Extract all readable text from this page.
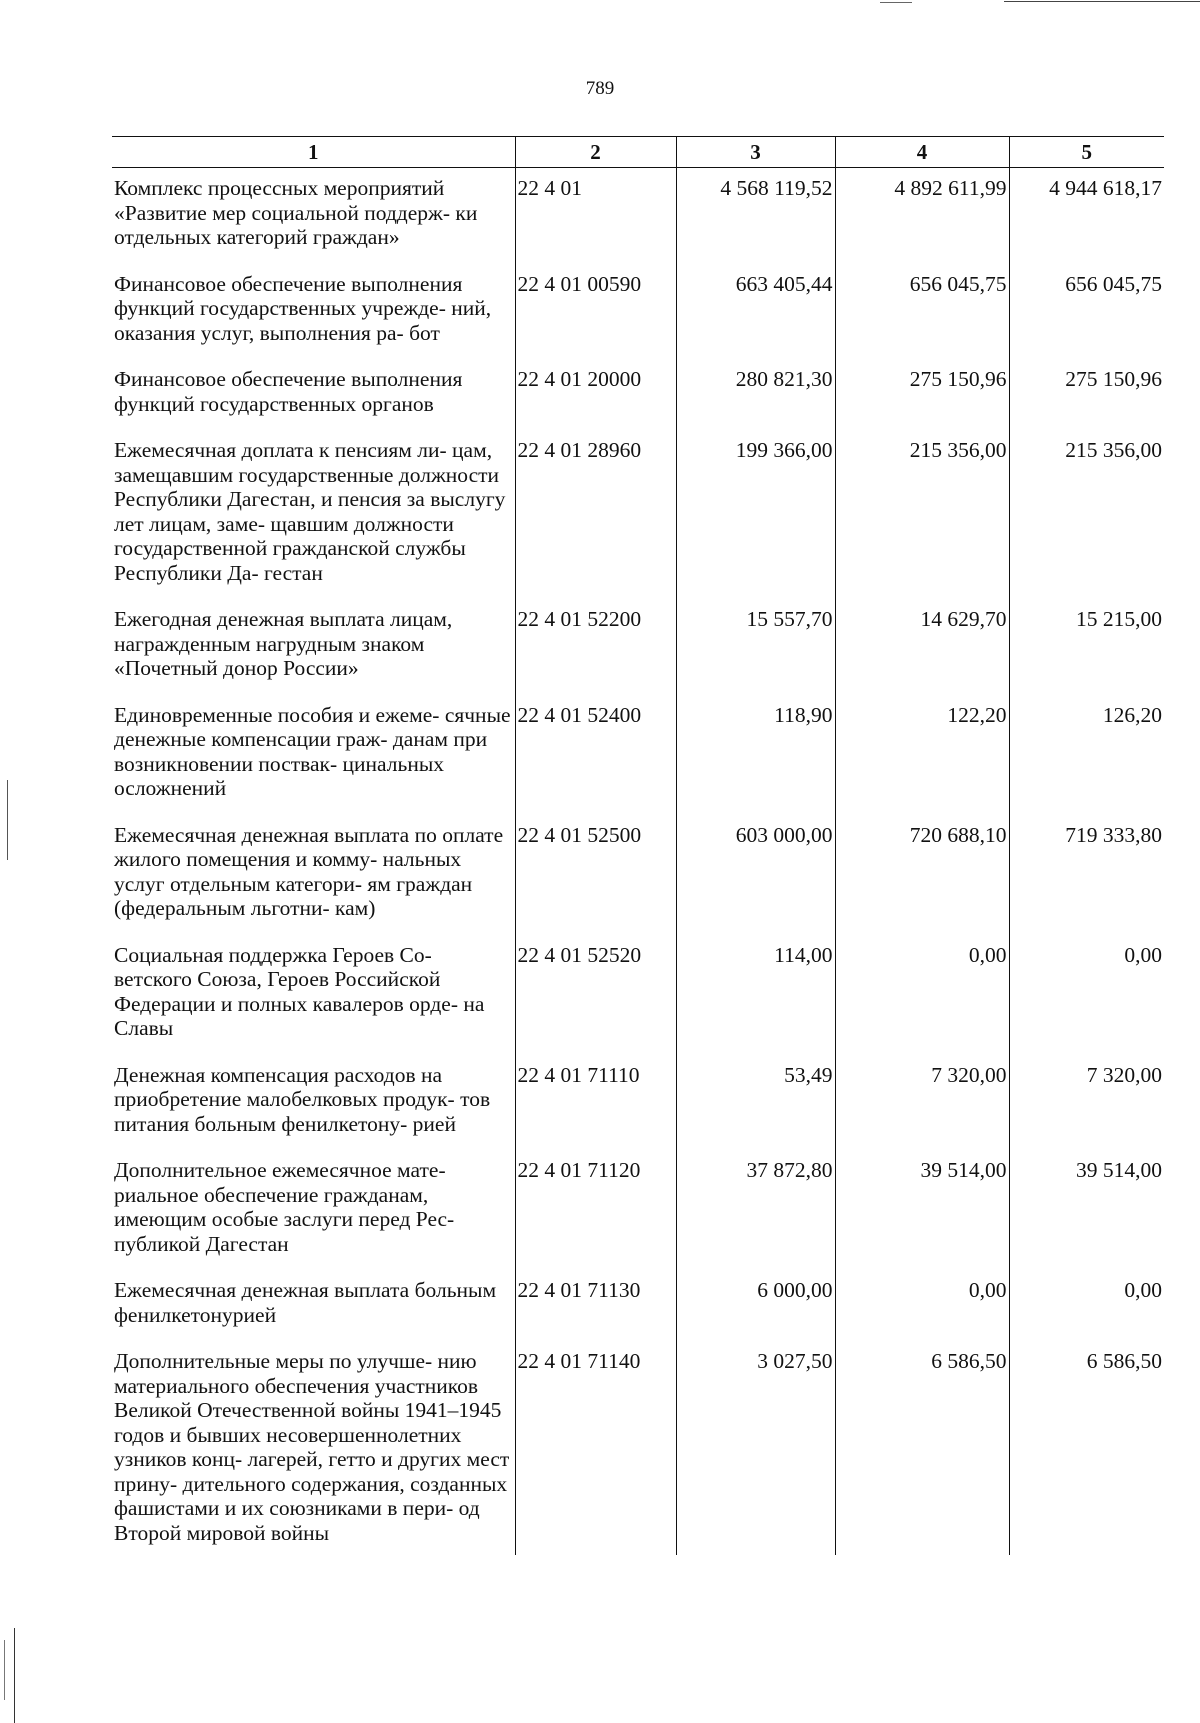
789
1	2	3	4	5
Комплекс процессных мероприятий «Развитие мер социальной поддерж- ки отдельных категорий граждан»	22 4 01	4 568 119,52	4 892 611,99	4 944 618,17
Финансовое обеспечение выполнения функций государственных учрежде- ний, оказания услуг, выполнения ра- бот	22 4 01 00590	663 405,44	656 045,75	656 045,75
Финансовое обеспечение выполнения функций государственных органов	22 4 01 20000	280 821,30	275 150,96	275 150,96
Ежемесячная доплата к пенсиям ли- цам, замещавшим государственные должности Республики Дагестан, и пенсия за выслугу лет лицам, заме- щавшим должности государственной гражданской службы Республики Да- гестан	22 4 01 28960	199 366,00	215 356,00	215 356,00
Ежегодная денежная выплата лицам, награжденным нагрудным знаком «Почетный донор России»	22 4 01 52200	15 557,70	14 629,70	15 215,00
Единовременные пособия и ежеме- сячные денежные компенсации граж- данам при возникновении поствак- цинальных осложнений	22 4 01 52400	118,90	122,20	126,20
Ежемесячная денежная выплата по оплате жилого помещения и комму- нальных услуг отдельным категори- ям граждан (федеральным льготни- кам)	22 4 01 52500	603 000,00	720 688,10	719 333,80
Социальная поддержка Героев Со- ветского Союза, Героев Российской Федерации и полных кавалеров орде- на Славы	22 4 01 52520	114,00	0,00	0,00
Денежная компенсация расходов на приобретение малобелковых продук- тов питания больным фенилкетону- рией	22 4 01 71110	53,49	7 320,00	7 320,00
Дополнительное ежемесячное мате- риальное обеспечение гражданам, имеющим особые заслуги перед Рес- публикой Дагестан	22 4 01 71120	37 872,80	39 514,00	39 514,00
Ежемесячная денежная выплата больным фенилкетонурией	22 4 01 71130	6 000,00	0,00	0,00
Дополнительные меры по улучше- нию материального обеспечения участников Великой Отечественной войны 1941–1945 годов и бывших несовершеннолетних узников конц- лагерей, гетто и других мест прину- дительного содержания, созданных фашистами и их союзниками в пери- од Второй мировой войны	22 4 01 71140	3 027,50	6 586,50	6 586,50
